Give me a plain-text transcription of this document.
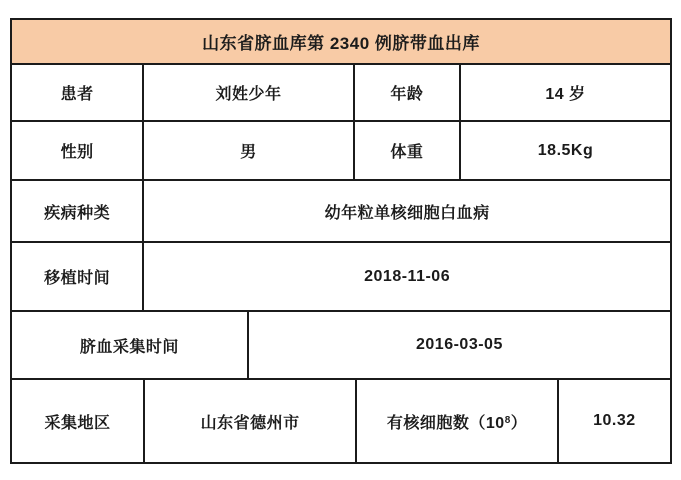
山东省脐血库第 2340 例脐带血出库
患者	刘姓少年	年龄	14 岁
性别	男	体重	18.5Kg
疾病种类	幼年粒单核细胞白血病
移植时间	2018-11-06
脐血采集时间	2016-03-05
采集地区	山东省德州市	有核细胞数（10 8 ）	10.32
